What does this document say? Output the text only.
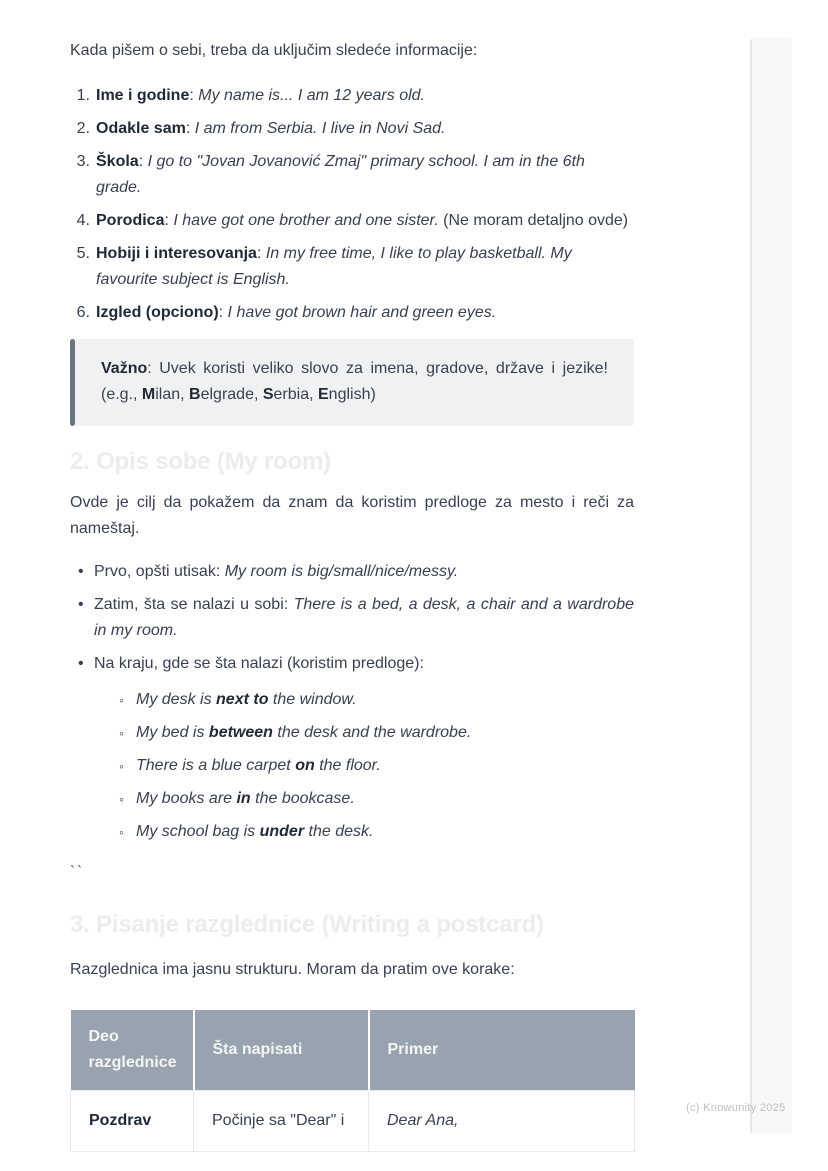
Kada pišem o sebi, treba da uključim sledeće informacije:

1. Ime i godine: My name is... I am 12 years old.
2. Odakle sam: I am from Serbia. I live in Novi Sad.
3. Škola: I go to "Jovan Jovanović Zmaj" primary school. I am in the 6th grade.
4. Porodica: I have got one brother and one sister. (Ne moram detaljno ovde)
5. Hobiji i interesovanja: In my free time, I like to play basketball. My favourite subject is English.
6. Izgled (opciono): I have got brown hair and green eyes.
Važno: Uvek koristi veliko slovo za imena, gradove, države i jezike! (e.g., Milan, Belgrade, Serbia, English)
2. Opis sobe (My room)

Ovde je cilj da pokažem da znam da koristim predloge za mesto i reči za nameštaj.

• Prvo, opšti utisak: My room is big/small/nice/messy.
• Zatim, šta se nalazi u sobi: There is a bed, a desk, a chair and a wardrobe in my room.
• Na kraju, gde se šta nalazi (koristim predloge):
◦ My desk is next to the window.
◦ My bed is between the desk and the wardrobe.
◦ There is a blue carpet on the floor.
◦ My books are in the bookcase.
◦ My school bag is under the desk.

``

3. Pisanje razglednice (Writing a postcard)

Razglednica ima jasnu strukturu. Moram da pratim ove korake:

Deo razglednice	Šta napisati	Primer
Pozdrav	Počinje sa "Dear" i	Dear Ana,
(c) Knowunity 2025
